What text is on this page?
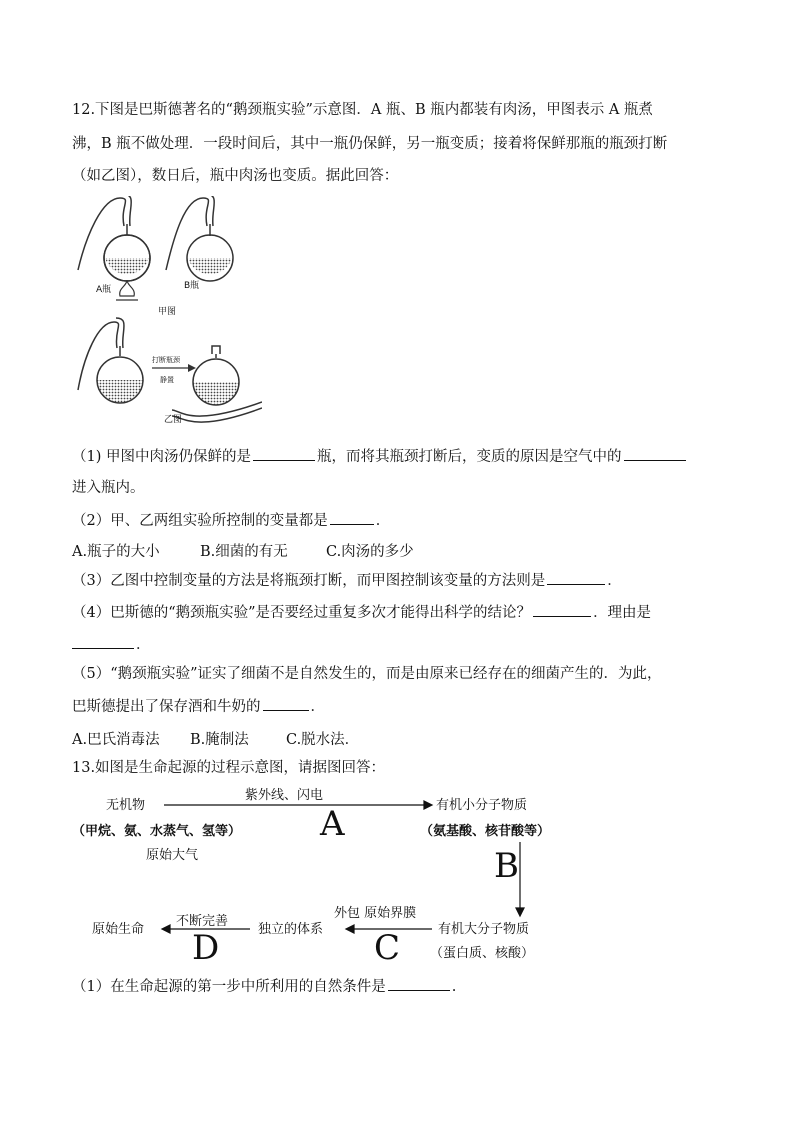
12.下图是巴斯德著名的“鹅颈瓶实验”示意图．A 瓶、B 瓶内都装有肉汤，甲图表示 A 瓶煮
沸，B 瓶不做处理．一段时间后，其中一瓶仍保鲜，另一瓶变质；接着将保鲜那瓶的瓶颈打断
（如乙图），数日后，瓶中肉汤也变质。据此回答：
A瓶	B瓶
甲图
打断瓶颈
静置
乙图
（1) 甲图中肉汤仍保鲜的是	瓶，而将其瓶颈打断后，变质的原因是空气中的
进入瓶内。
（2）甲、乙两组实验所控制的变量都是	．
A.瓶子的大小	B.细菌的有无	C.肉汤的多少
（3）乙图中控制变量的方法是将瓶颈打断，而甲图控制该变量的方法则是	．
（4）巴斯德的“鹅颈瓶实验”是否要经过重复多次才能得出科学的结论？	．理由是
．
（5）“鹅颈瓶实验”证实了细菌不是自然发生的，而是由原来已经存在的细菌产生的．为此，
巴斯德提出了保存酒和牛奶的	．
A.巴氏消毒法 B.腌制法	C.脱水法．
13.如图是生命起源的过程示意图，请据图回答：
无机物
（甲烷、氨、水蒸气、氢等）
原始大气
紫外线、闪电
A	有机小分子物质
（氨基酸、核苷酸等）
B
有机大分子物质
（蛋白质、核酸）
外包 原始界膜
C
独立的体系
不断完善
D
原始生命
（1）在生命起源的第一步中所利用的自然条件是	.
